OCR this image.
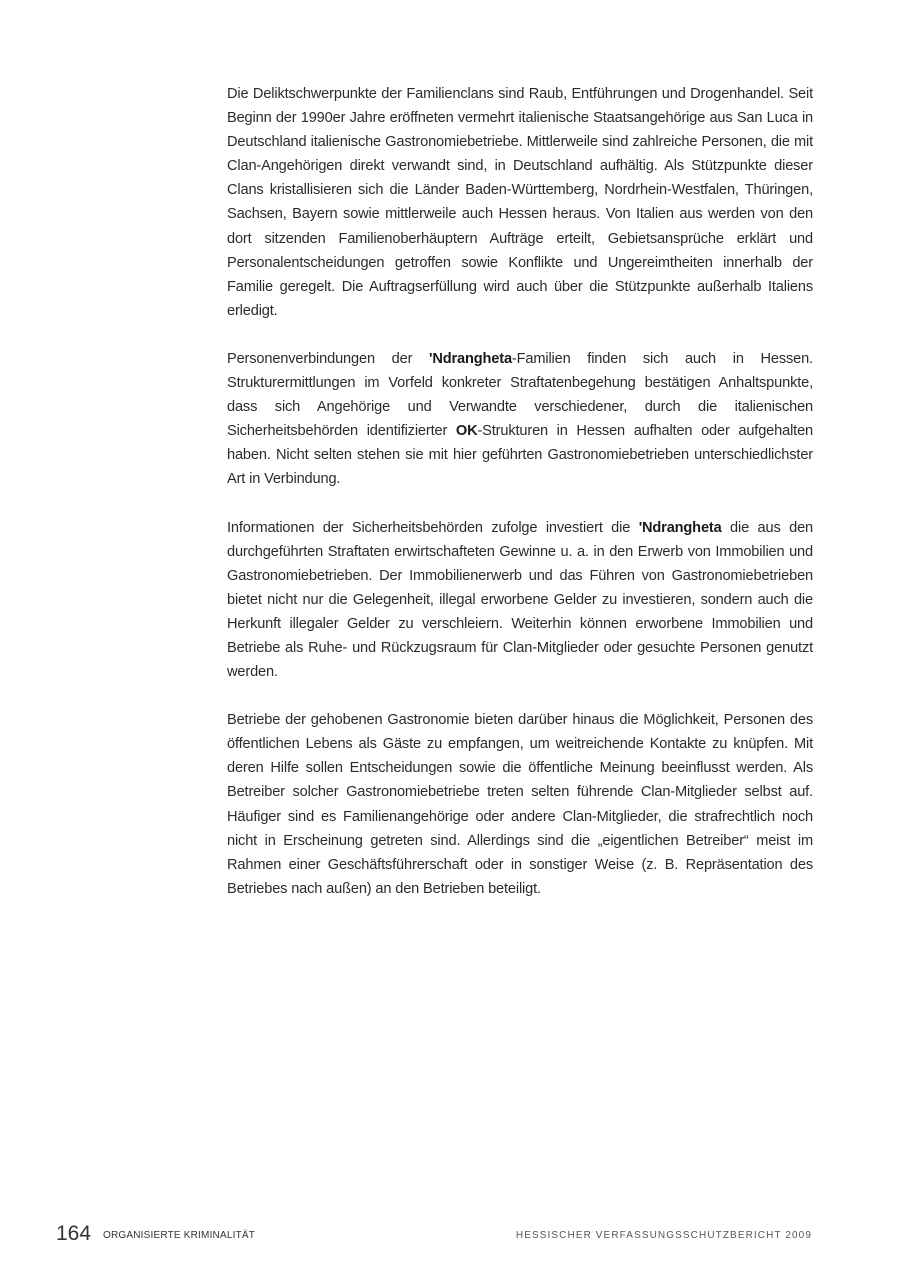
Die Deliktschwerpunkte der Familienclans sind Raub, Entführungen und Drogenhandel. Seit Beginn der 1990er Jahre eröffneten vermehrt italienische Staatsangehörige aus San Luca in Deutschland italienische Gastronomiebetriebe. Mittlerweile sind zahlreiche Personen, die mit Clan-Angehörigen direkt verwandt sind, in Deutschland aufhältig. Als Stützpunkte dieser Clans kristallisieren sich die Länder Baden-Württemberg, Nordrhein-Westfalen, Thüringen, Sachsen, Bayern sowie mittlerweile auch Hessen heraus. Von Italien aus werden von den dort sitzenden Familienoberhäuptern Aufträge erteilt, Gebietsansprüche erklärt und Personalentscheidungen getroffen sowie Konflikte und Ungereimtheiten innerhalb der Familie geregelt. Die Auftragserfüllung wird auch über die Stützpunkte außerhalb Italiens erledigt.

Personenverbindungen der 'Ndrangheta-Familien finden sich auch in Hessen. Strukturermittlungen im Vorfeld konkreter Straftatenbegehung bestätigen Anhaltspunkte, dass sich Angehörige und Verwandte verschiedener, durch die italienischen Sicherheitsbehörden identifizierter OK-Strukturen in Hessen aufhalten oder aufgehalten haben. Nicht selten stehen sie mit hier geführten Gastronomiebetrieben unterschiedlichster Art in Verbindung.

Informationen der Sicherheitsbehörden zufolge investiert die 'Ndrangheta die aus den durchgeführten Straftaten erwirtschafteten Gewinne u. a. in den Erwerb von Immobilien und Gastronomiebetrieben. Der Immobilienerwerb und das Führen von Gastronomiebetrieben bietet nicht nur die Gelegenheit, illegal erworbene Gelder zu investieren, sondern auch die Herkunft illegaler Gelder zu verschleiern. Weiterhin können erworbene Immobilien und Betriebe als Ruhe- und Rückzugsraum für Clan-Mitglieder oder gesuchte Personen genutzt werden.

Betriebe der gehobenen Gastronomie bieten darüber hinaus die Möglichkeit, Personen des öffentlichen Lebens als Gäste zu empfangen, um weitreichende Kontakte zu knüpfen. Mit deren Hilfe sollen Entscheidungen sowie die öffentliche Meinung beeinflusst werden. Als Betreiber solcher Gastronomiebetriebe treten selten führende Clan-Mitglieder selbst auf. Häufiger sind es Familienangehörige oder andere Clan-Mitglieder, die strafrechtlich noch nicht in Erscheinung getreten sind. Allerdings sind die „eigentlichen Betreiber“ meist im Rahmen einer Geschäftsführerschaft oder in sonstiger Weise (z. B. Repräsentation des Betriebes nach außen) an den Betrieben beteiligt.

164 ORGANISIERTE KRIMINALITÄT	HESSISCHER VERFASSUNGSSCHUTZBERICHT 2009
